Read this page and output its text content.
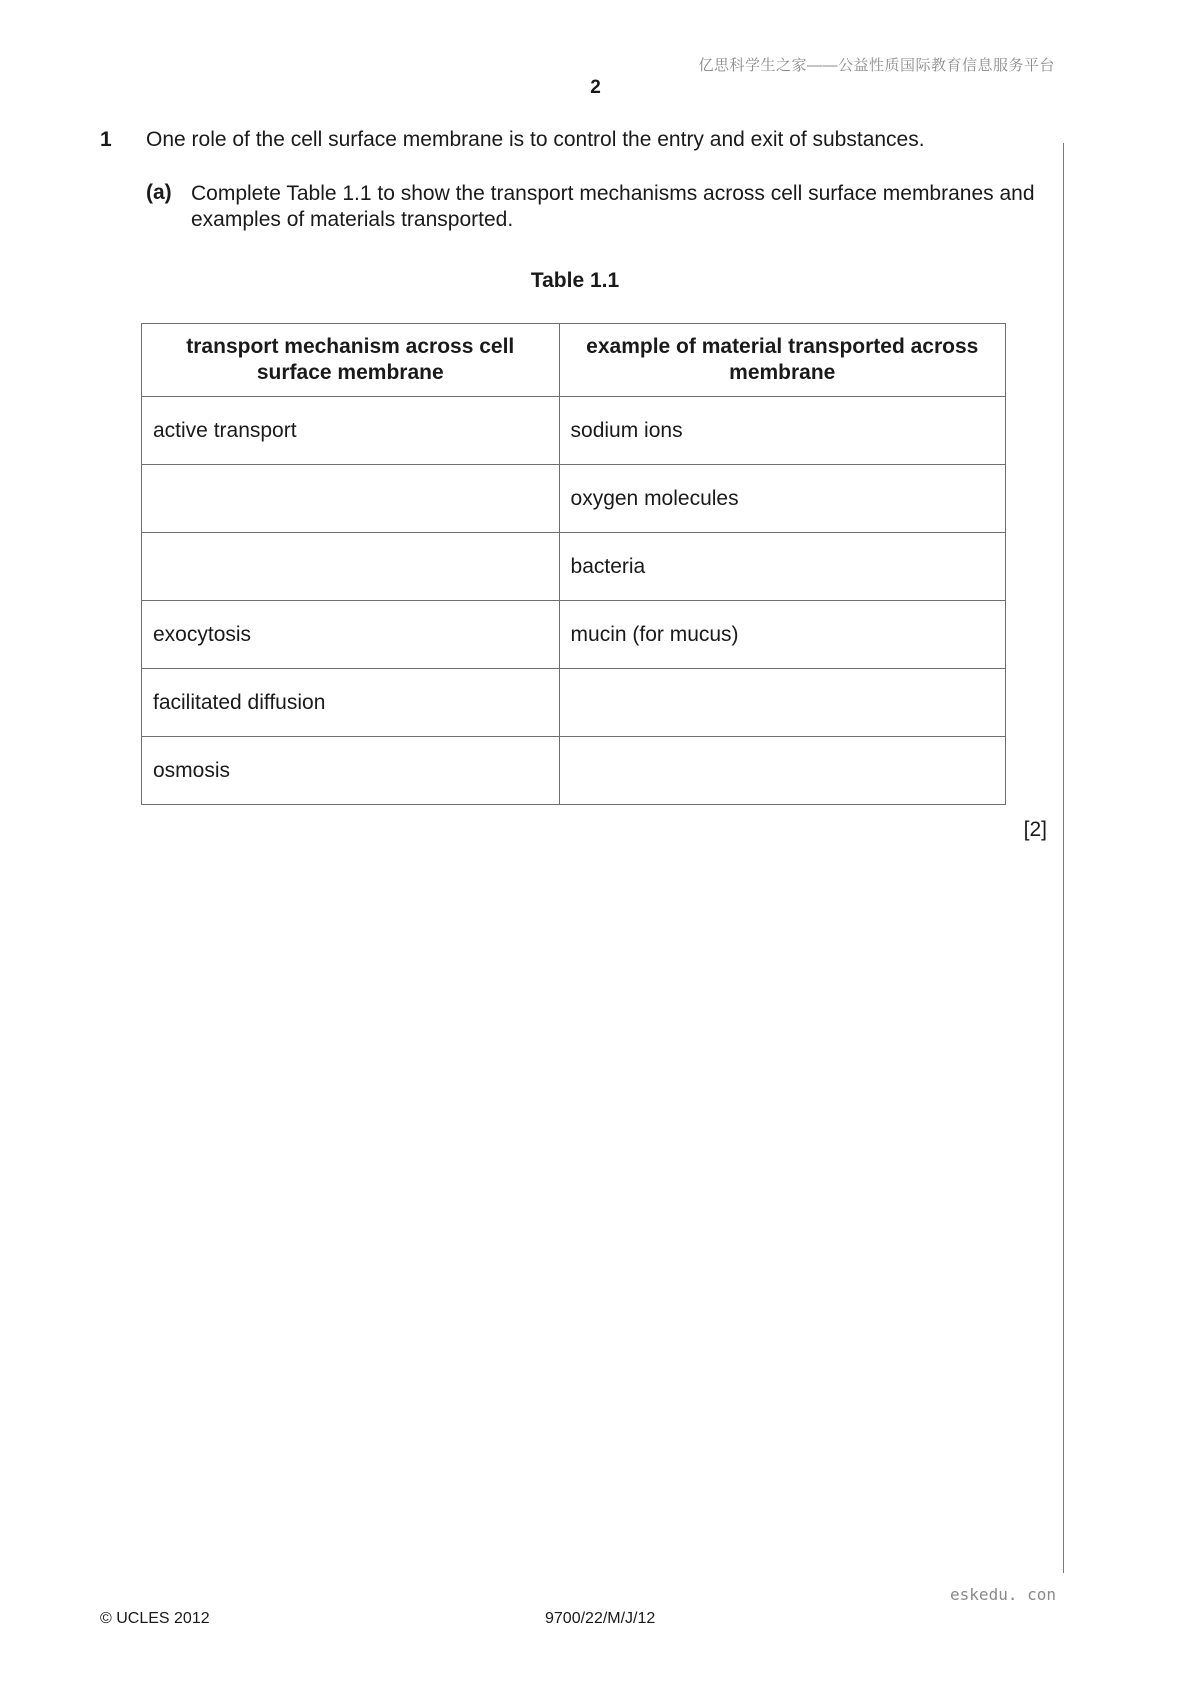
亿思科学生之家——公益性质国际教育信息服务平台
2
1 One role of the cell surface membrane is to control the entry and exit of substances.
(a) Complete Table 1.1 to show the transport mechanisms across cell surface membranes and examples of materials transported.
Table 1.1
transport mechanism across cell surface membrane	example of material transported across membrane
active transport	sodium ions
	oxygen molecules
	bacteria
exocytosis	mucin (for mucus)
facilitated diffusion	
osmosis	
[2]
eskedu. con
© UCLES 2012	9700/22/M/J/12
